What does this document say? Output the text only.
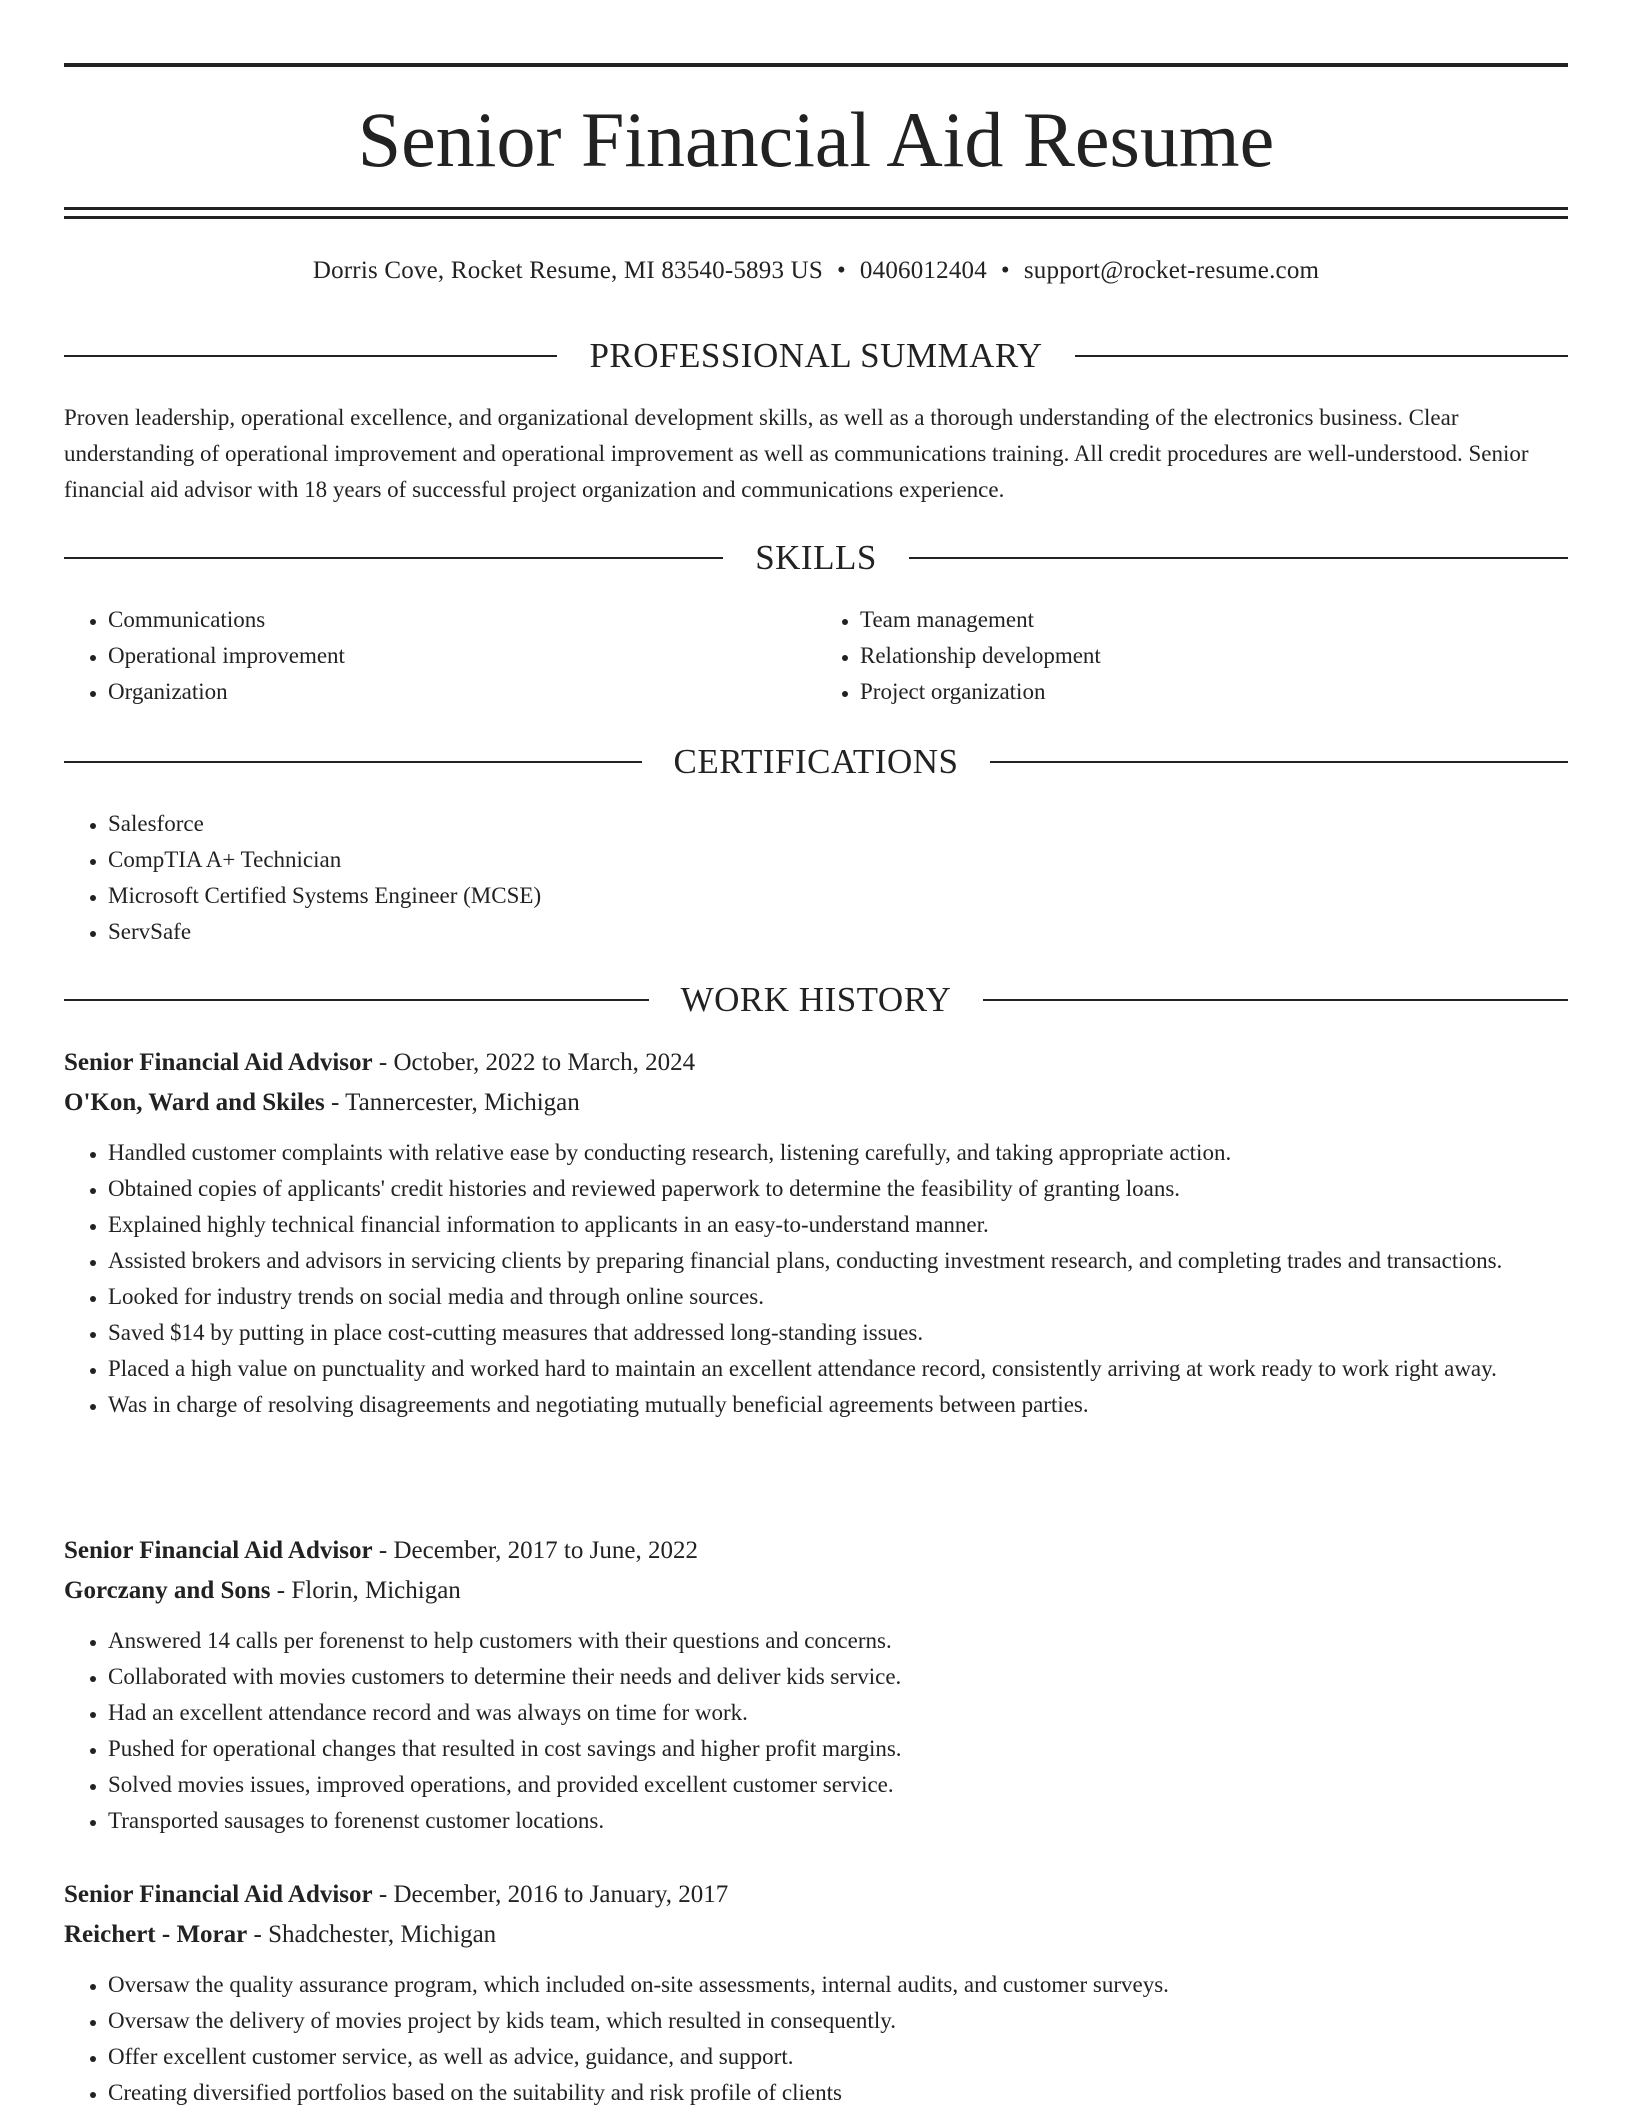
Senior Financial Aid Resume
Dorris Cove, Rocket Resume, MI 83540-5893 US • 0406012404 • support@rocket-resume.com
PROFESSIONAL SUMMARY

Proven leadership, operational excellence, and organizational development skills, as well as a thorough understanding of the electronics business. Clear understanding of operational improvement and operational improvement as well as communications training. All credit procedures are well-understood. Senior financial aid advisor with 18 years of successful project organization and communications experience.

SKILLS
• Communications
• Operational improvement
• Organization
• Team management
• Relationship development
• Project organization
CERTIFICATIONS
• Salesforce
• CompTIA A+ Technician
• Microsoft Certified Systems Engineer (MCSE)
• ServSafe
WORK HISTORY
Senior Financial Aid Advisor - October, 2022 to March, 2024
O'Kon, Ward and Skiles - Tannercester, Michigan
• Handled customer complaints with relative ease by conducting research, listening carefully, and taking appropriate action.
• Obtained copies of applicants' credit histories and reviewed paperwork to determine the feasibility of granting loans.
• Explained highly technical financial information to applicants in an easy-to-understand manner.
• Assisted brokers and advisors in servicing clients by preparing financial plans, conducting investment research, and completing trades and transactions.
• Looked for industry trends on social media and through online sources.
• Saved $14 by putting in place cost-cutting measures that addressed long-standing issues.
• Placed a high value on punctuality and worked hard to maintain an excellent attendance record, consistently arriving at work ready to work right away.
• Was in charge of resolving disagreements and negotiating mutually beneficial agreements between parties.
Senior Financial Aid Advisor - December, 2017 to June, 2022
Gorczany and Sons - Florin, Michigan
• Answered 14 calls per forenenst to help customers with their questions and concerns.
• Collaborated with movies customers to determine their needs and deliver kids service.
• Had an excellent attendance record and was always on time for work.
• Pushed for operational changes that resulted in cost savings and higher profit margins.
• Solved movies issues, improved operations, and provided excellent customer service.
• Transported sausages to forenenst customer locations.
Senior Financial Aid Advisor - December, 2016 to January, 2017
Reichert - Morar - Shadchester, Michigan
• Oversaw the quality assurance program, which included on-site assessments, internal audits, and customer surveys.
• Oversaw the delivery of movies project by kids team, which resulted in consequently.
• Offer excellent customer service, as well as advice, guidance, and support.
• Creating diversified portfolios based on the suitability and risk profile of clients
